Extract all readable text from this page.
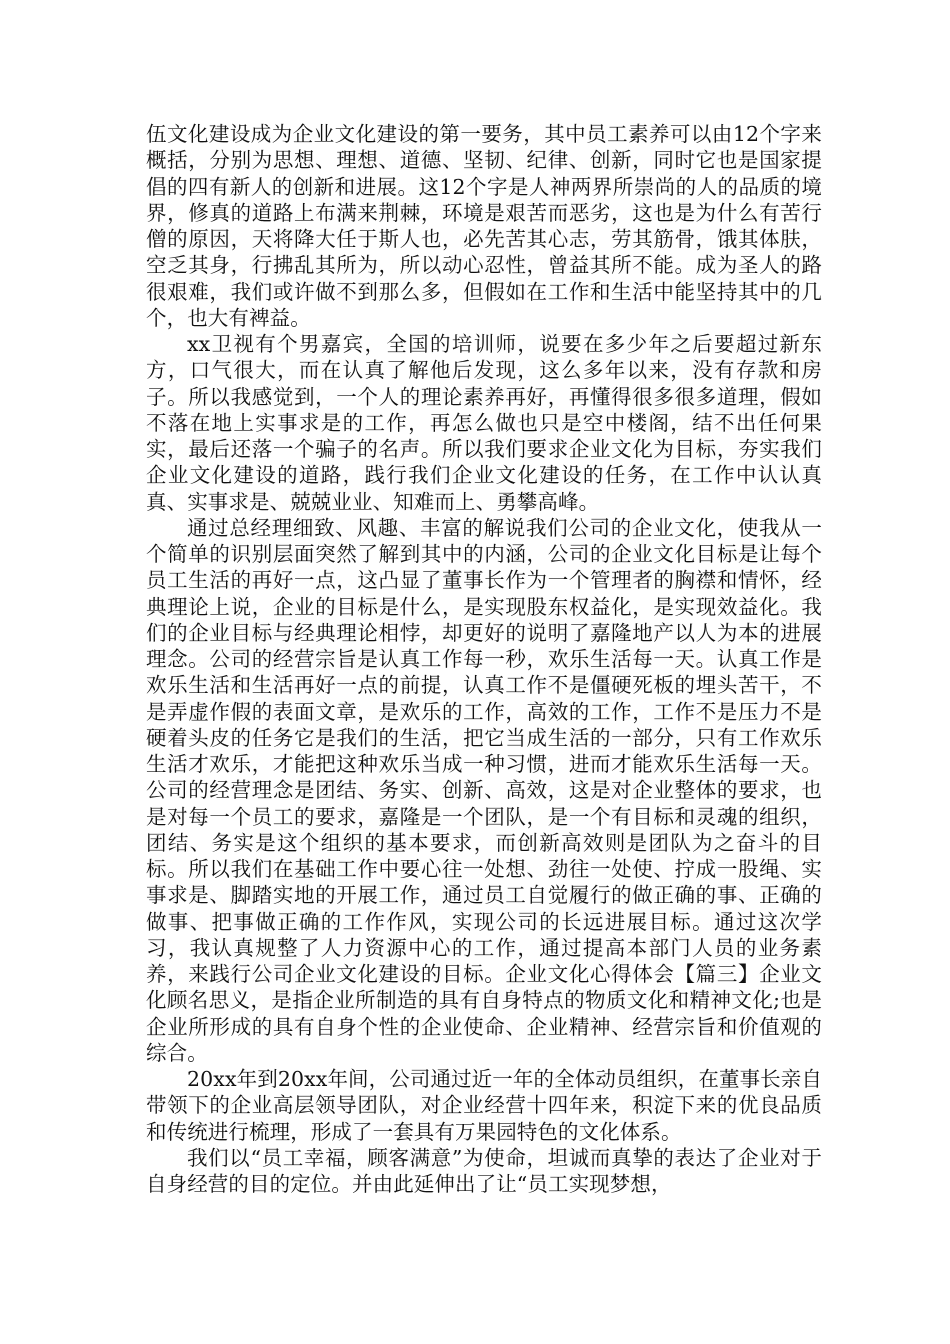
伍文化建设成为企业文化建设的第一要务，其中员工素养可以由12个字来概括，分别为思想、理想、道德、坚韧、纪律、创新，同时它也是国家提倡的四有新人的创新和进展。这12个字是人神两界所崇尚的人的品质的境界，修真的道路上布满来荆棘，环境是艰苦而恶劣，这也是为什么有苦行僧的原因，天将降大任于斯人也，必先苦其心志，劳其筋骨，饿其体肤，空乏其身，行拂乱其所为，所以动心忍性，曾益其所不能。成为圣人的路很艰难，我们或许做不到那么多，但假如在工作和生活中能坚持其中的几个，也大有裨益。

xx卫视有个男嘉宾，全国的培训师，说要在多少年之后要超过新东方，口气很大，而在认真了解他后发现，这么多年以来，没有存款和房子。所以我感觉到，一个人的理论素养再好，再懂得很多很多道理，假如不落在地上实事求是的工作，再怎么做也只是空中楼阁，结不出任何果实，最后还落一个骗子的名声。所以我们要求企业文化为目标，夯实我们企业文化建设的道路，践行我们企业文化建设的任务，在工作中认认真真、实事求是、兢兢业业、知难而上、勇攀高峰。

通过总经理细致、风趣、丰富的解说我们公司的企业文化，使我从一个简单的识别层面突然了解到其中的内涵，公司的企业文化目标是让每个员工生活的再好一点，这凸显了董事长作为一个管理者的胸襟和情怀，经典理论上说，企业的目标是什么，是实现股东权益化，是实现效益化。我们的企业目标与经典理论相悖，却更好的说明了嘉隆地产以人为本的进展理念。公司的经营宗旨是认真工作每一秒，欢乐生活每一天。认真工作是欢乐生活和生活再好一点的前提，认真工作不是僵硬死板的埋头苦干，不是弄虚作假的表面文章，是欢乐的工作，高效的工作，工作不是压力不是硬着头皮的任务它是我们的生活，把它当成生活的一部分，只有工作欢乐生活才欢乐，才能把这种欢乐当成一种习惯，进而才能欢乐生活每一天。公司的经营理念是团结、务实、创新、高效，这是对企业整体的要求，也是对每一个员工的要求，嘉隆是一个团队，是一个有目标和灵魂的组织，团结、务实是这个组织的基本要求，而创新高效则是团队为之奋斗的目标。所以我们在基础工作中要心往一处想、劲往一处使、拧成一股绳、实事求是、脚踏实地的开展工作，通过员工自觉履行的做正确的事、正确的做事、把事做正确的工作作风，实现公司的长远进展目标。通过这次学习，我认真规整了人力资源中心的工作，通过提高本部门人员的业务素养，来践行公司企业文化建设的目标。企业文化心得体会【篇三】企业文化顾名思义，是指企业所制造的具有自身特点的物质文化和精神文化;也是企业所形成的具有自身个性的企业使命、企业精神、经营宗旨和价值观的综合。

20xx年到20xx年间，公司通过近一年的全体动员组织，在董事长亲自带领下的企业高层领导团队，对企业经营十四年来，积淀下来的优良品质和传统进行梳理，形成了一套具有万果园特色的文化体系。

我们以“员工幸福，顾客满意”为使命，坦诚而真挚的表达了企业对于自身经营的目的定位。并由此延伸出了让“员工实现梦想，
